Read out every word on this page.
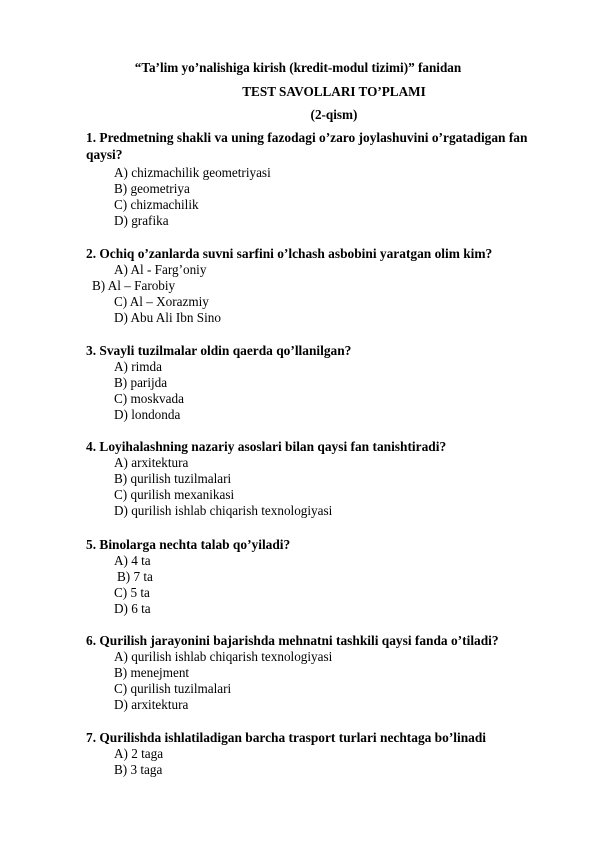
“Ta’lim yo’nalishiga kirish (kredit-modul tizimi)” fanidan
TEST SAVOLLARI TO’PLAMI
(2-qism)
1. Predmetning shakli va uning fazodagi o’zaro joylashuvini o’rgatadigan fan qaysi?
A) chizmachilik geometriyasi
B) geometriya
C) chizmachilik
D) grafika
2. Ochiq o’zanlarda suvni sarfini o’lchash asbobini yaratgan olim kim?
A) Al - Farg’oniy
B) Al – Farobiy
C) Al – Xorazmiy
D) Abu Ali Ibn Sino
3. Svayli tuzilmalar oldin qaerda qo’llanilgan?
A) rimda
B) parijda
C) moskvada
D) londonda
4. Loyihalashning nazariy asoslari bilan qaysi fan tanishtiradi?
A) arxitektura
B) qurilish tuzilmalari
C) qurilish mexanikasi
D) qurilish ishlab chiqarish texnologiyasi
5. Binolarga nechta talab qo’yiladi?
A) 4 ta
B) 7 ta
C) 5 ta
D) 6 ta
6. Qurilish jarayonini bajarishda mehnatni tashkili qaysi fanda o’tiladi?
A) qurilish ishlab chiqarish texnologiyasi
B) menejment
C) qurilish tuzilmalari
D) arxitektura
7. Qurilishda ishlatiladigan barcha trasport turlari nechtaga bo’linadi
A) 2 taga
B) 3 taga
